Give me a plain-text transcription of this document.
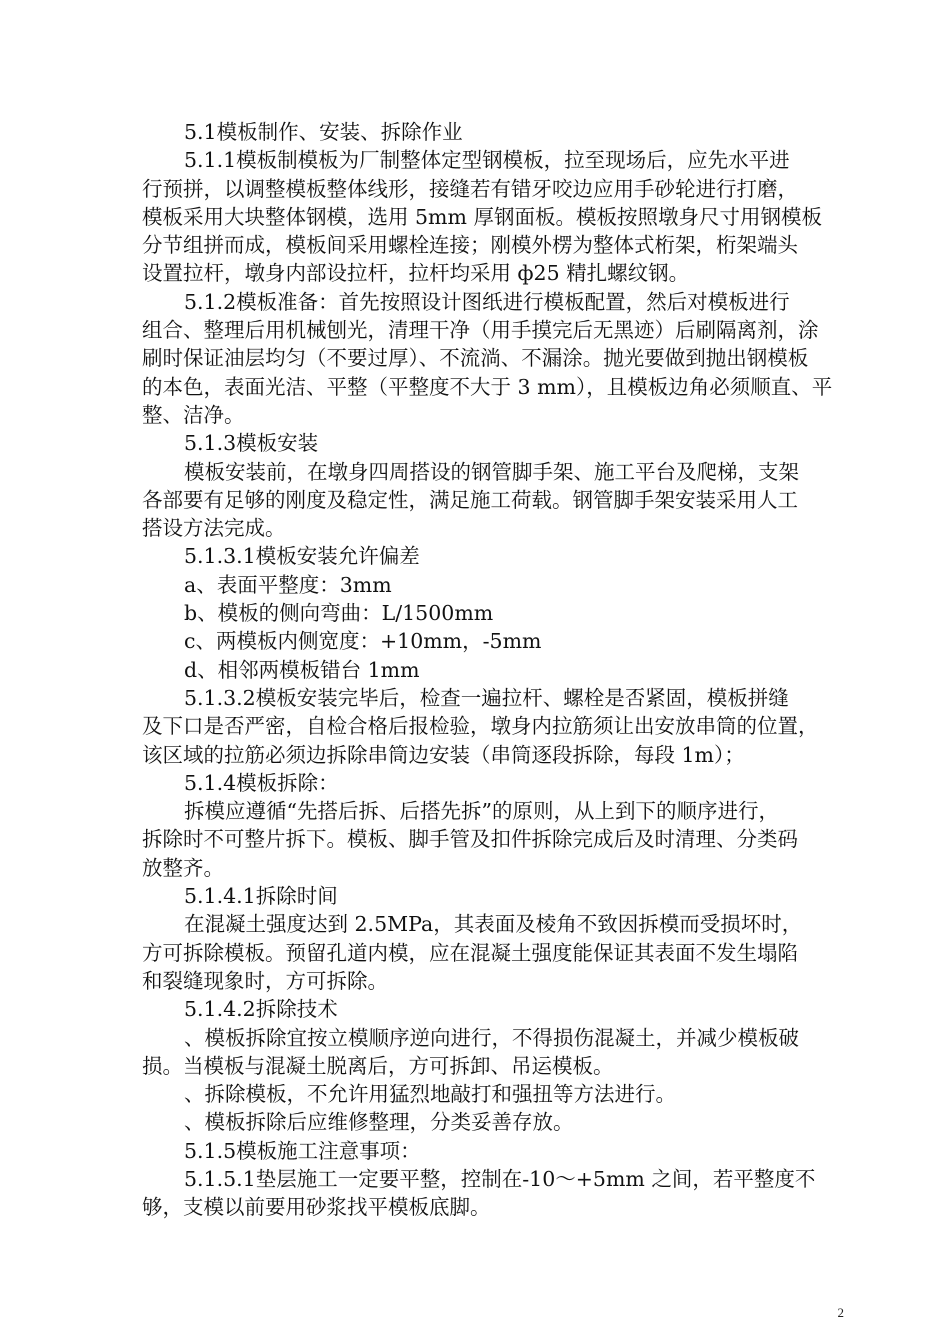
5.1模板制作、安装、拆除作业

5.1.1模板制模板为厂制整体定型钢模板，拉至现场后，应先水平进

行预拼，以调整模板整体线形，接缝若有错牙咬边应用手砂轮进行打磨，

模板采用大块整体钢模，选用 5mm 厚钢面板。模板按照墩身尺寸用钢模板

分节组拼而成，模板间采用螺栓连接；刚模外楞为整体式桁架，桁架端头

设置拉杆，墩身内部设拉杆，拉杆均采用 ф25 精扎螺纹钢。

5.1.2模板准备：首先按照设计图纸进行模板配置，然后对模板进行

组合、整理后用机械刨光，清理干净（用手摸完后无黑迹）后刷隔离剂，涂

刷时保证油层均匀（不要过厚）、不流淌、不漏涂。抛光要做到抛出钢模板

的本色，表面光洁、平整（平整度不大于 3 mm），且模板边角必须顺直、平

整、洁净。

5.1.3模板安装

模板安装前，在墩身四周搭设的钢管脚手架、施工平台及爬梯，支架

各部要有足够的刚度及稳定性，满足施工荷载。钢管脚手架安装采用人工

搭设方法完成。

5.1.3.1模板安装允许偏差

a、表面平整度：3mm

b、模板的侧向弯曲：L/1500mm

c、两模板内侧宽度：+10mm，-5mm

d、相邻两模板错台 1mm

5.1.3.2模板安装完毕后，检查一遍拉杆、螺栓是否紧固，模板拼缝

及下口是否严密，自检合格后报检验，墩身内拉筋须让出安放串筒的位置，

该区域的拉筋必须边拆除串筒边安装（串筒逐段拆除，每段 1m）；

5.1.4模板拆除：

拆模应遵循“先搭后拆、后搭先拆”的原则，从上到下的顺序进行，

拆除时不可整片拆下。模板、脚手管及扣件拆除完成后及时清理、分类码

放整齐。

5.1.4.1拆除时间

在混凝土强度达到 2.5MPa，其表面及棱角不致因拆模而受损坏时，

方可拆除模板。预留孔道内模，应在混凝土强度能保证其表面不发生塌陷

和裂缝现象时，方可拆除。

5.1.4.2拆除技术

、模板拆除宜按立模顺序逆向进行，不得损伤混凝土，并减少模板破

损。当模板与混凝土脱离后，方可拆卸、吊运模板。

、拆除模板，不允许用猛烈地敲打和强扭等方法进行。

、模板拆除后应维修整理，分类妥善存放。

5.1.5模板施工注意事项：

5.1.5.1垫层施工一定要平整，控制在-10～+5mm 之间，若平整度不

够，支模以前要用砂浆找平模板底脚。

2
